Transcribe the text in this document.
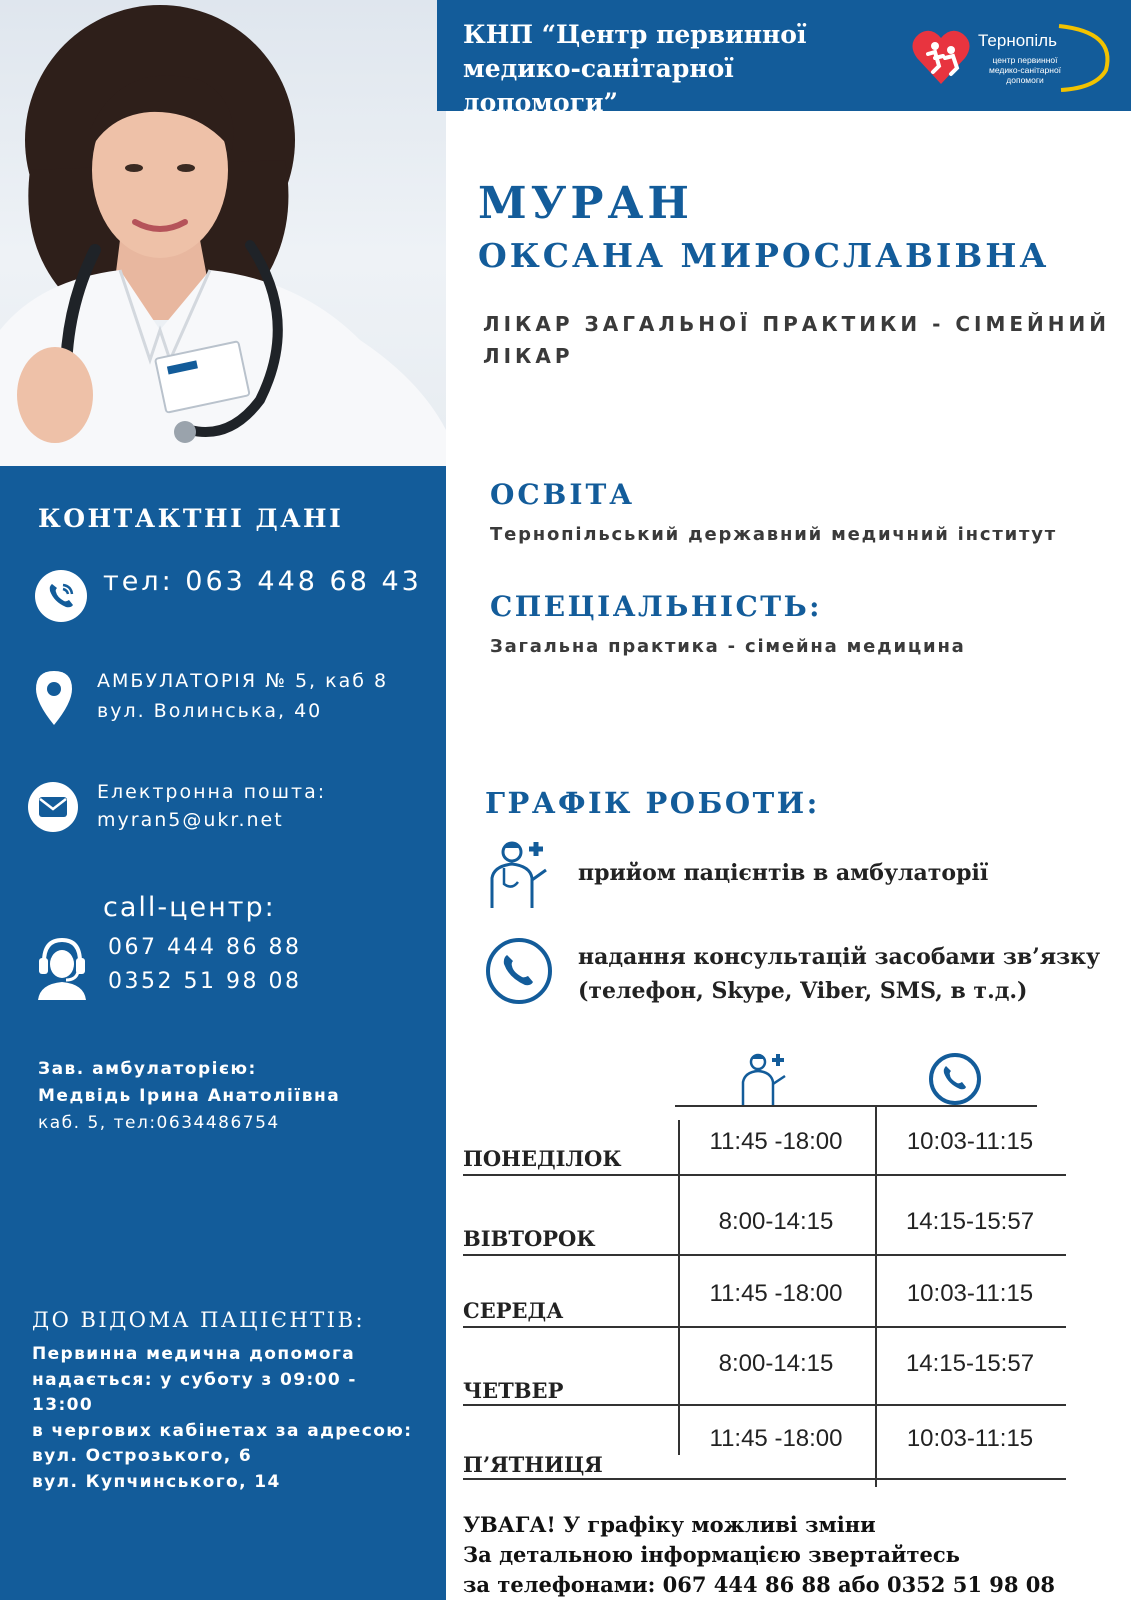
КНП “Центр первинної
медико-санітарної допомоги”
Тернопіль
центр первинної медико-санітарної допомоги
КОНТАКТНІ ДАНІ
тел: 063 448 68 43
АМБУЛАТОРІЯ № 5, каб 8
вул. Волинська, 40
Електронна пошта:
myran5@ukr.net
call-центр:
067 444 86 88
0352 51 98 08
Зав. амбулаторією:
Медвідь Ірина Анатоліївна
каб. 5, тел:0634486754
ДО ВІДОМА ПАЦІЄНТІВ:
Первинна медична допомога
надається: у суботу з 09:00 -
13:00
в чергових кабінетах за адресою:
вул. Острозького, 6
вул. Купчинського, 14
МУРАН
ОКСАНА МИРОСЛАВІВНА
ЛІКАР ЗАГАЛЬНОЇ ПРАКТИКИ - СІМЕЙНИЙ
ЛІКАР
ОСВІТА
Тернопільський державний медичний інститут
СПЕЦІАЛЬНІСТЬ:
Загальна практика - сімейна медицина
ГРАФІК РОБОТИ:
прийом пацієнтів в амбулаторії
надання консультацій засобами зв’язку
(телефон, Skype, Viber, SMS, в т.д.)
ПОНЕДІЛОК
11:45 -18:00	10:03-11:15
ВІВТОРОК
8:00-14:15	14:15-15:57
СЕРЕДА
11:45 -18:00	10:03-11:15
ЧЕТВЕР
8:00-14:15	14:15-15:57
П’ЯТНИЦЯ
11:45 -18:00	10:03-11:15
УВАГА! У графіку можливі зміни
За детальною інформацією звертайтесь
за телефонами: 067 444 86 88 або 0352 51 98 08
